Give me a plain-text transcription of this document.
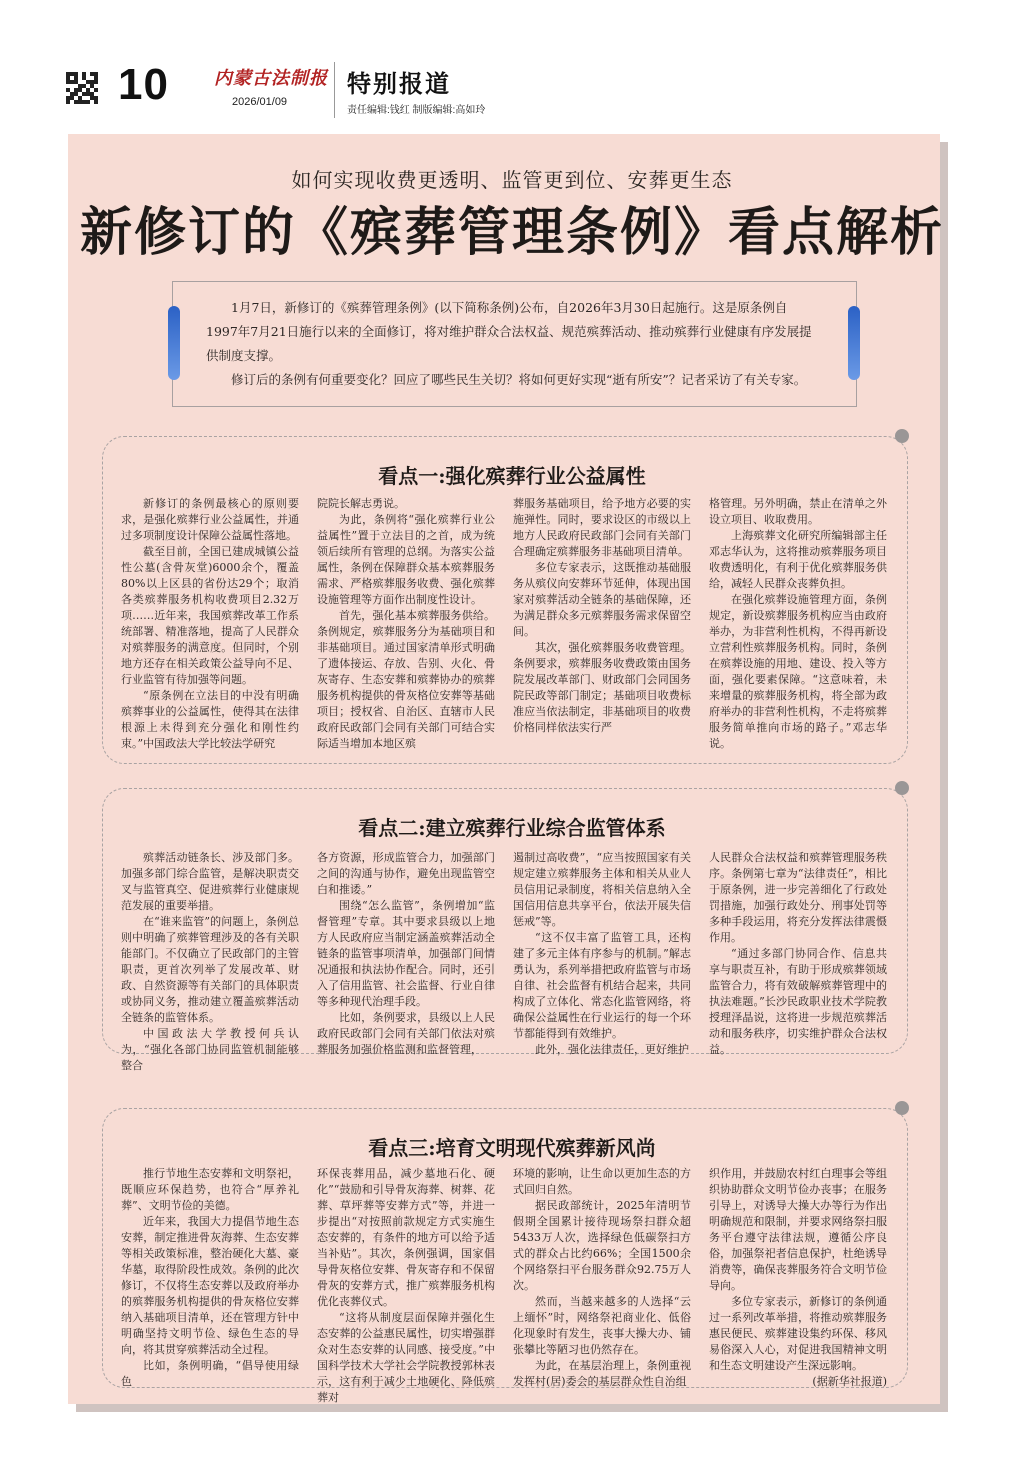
10	内蒙古法制报
2026/01/09
特别报道
责任编辑:钱红 制版编辑:高如玲
如何实现收费更透明、监管更到位、安葬更生态
新修订的《殡葬管理条例》看点解析

1月7日，新修订的《殡葬管理条例》(以下简称条例)公布，自2026年3月30日起施行。这是原条例自1997年7月21日施行以来的全面修订，将对维护群众合法权益、规范殡葬活动、推动殡葬行业健康有序发展提供制度支撑。

修订后的条例有何重要变化？回应了哪些民生关切？将如何更好实现“逝有所安”？记者采访了有关专家。

看点一:强化殡葬行业公益属性

新修订的条例最核心的原则要求，是强化殡葬行业公益属性，并通过多项制度设计保障公益属性落地。

截至目前，全国已建成城镇公益性公墓(含骨灰堂)6000余个，覆盖80%以上区县的省份达29个；取消各类殡葬服务机构收费项目2.32万项……近年来，我国殡葬改革工作系统部署、精准落地，提高了人民群众对殡葬服务的满意度。但同时，个别地方还存在相关政策公益导向不足、行业监管有待加强等问题。

“原条例在立法目的中没有明确殡葬事业的公益属性，使得其在法律根源上未得到充分强化和刚性约束。”中国政法大学比较法学研究

院院长解志勇说。

为此，条例将“强化殡葬行业公益属性”置于立法目的之首，成为统领后续所有管理的总纲。为落实公益属性，条例在保障群众基本殡葬服务需求、严格殡葬服务收费、强化殡葬设施管理等方面作出制度性设计。

首先，强化基本殡葬服务供给。条例规定，殡葬服务分为基础项目和非基础项目。通过国家清单形式明确了遗体接运、存放、告别、火化、骨灰寄存、生态安葬和殡葬协办的殡葬服务机构提供的骨灰格位安葬等基础项目；授权省、自治区、直辖市人民政府民政部门会同有关部门可结合实际适当增加本地区殡

葬服务基础项目，给予地方必要的实施弹性。同时，要求设区的市级以上地方人民政府民政部门会同有关部门合理确定殡葬服务非基础项目清单。

多位专家表示，这既推动基础服务从殡仪向安葬环节延伸，体现出国家对殡葬活动全链条的基础保障，还为满足群众多元殡葬服务需求保留空间。

其次，强化殡葬服务收费管理。条例要求，殡葬服务收费政策由国务院发展改革部门、财政部门会同国务院民政等部门制定；基础项目收费标准应当依法制定，非基础项目的收费价格同样依法实行严

格管理。另外明确，禁止在清单之外设立项目、收取费用。

上海殡葬文化研究所编辑部主任邓志华认为，这将推动殡葬服务项目收费透明化，有利于优化殡葬服务供给，减轻人民群众丧葬负担。

在强化殡葬设施管理方面，条例规定，新设殡葬服务机构应当由政府举办，为非营利性机构，不得再新设立营利性殡葬服务机构。同时，条例在殡葬设施的用地、建设、投入等方面，强化要素保障。“这意味着，未来增量的殡葬服务机构，将全部为政府举办的非营利性机构，不走将殡葬服务简单推向市场的路子。”邓志华说。

看点二:建立殡葬行业综合监管体系

殡葬活动链条长、涉及部门多。加强多部门综合监管，是解决职责交叉与监管真空、促进殡葬行业健康规范发展的重要举措。

在“谁来监管”的问题上，条例总则中明确了殡葬管理涉及的各有关职能部门。不仅确立了民政部门的主管职责，更首次列举了发展改革、财政、自然资源等有关部门的具体职责或协同义务，推动建立覆盖殡葬活动全链条的监管体系。

中国政法大学教授何兵认为，“强化各部门协同监管机制能够整合

各方资源，形成监管合力，加强部门之间的沟通与协作，避免出现监管空白和推诿。”

围绕“怎么监管”，条例增加“监督管理”专章。其中要求县级以上地方人民政府应当制定涵盖殡葬活动全链条的监管事项清单，加强部门间情况通报和执法协作配合。同时，还引入了信用监管、社会监督、行业自律等多种现代治理手段。

比如，条例要求，县级以上人民政府民政部门会同有关部门依法对殡葬服务加强价格监测和监督管理，

遏制过高收费”，“应当按照国家有关规定建立殡葬服务主体和相关从业人员信用记录制度，将相关信息纳入全国信用信息共享平台，依法开展失信惩戒”等。

“这不仅丰富了监管工具，还构建了多元主体有序参与的机制。”解志勇认为，系列举措把政府监管与市场自律、社会监督有机结合起来，共同构成了立体化、常态化监管网络，将确保公益属性在行业运行的每一个环节都能得到有效维护。

此外，强化法律责任，更好维护

人民群众合法权益和殡葬管理服务秩序。条例第七章为“法律责任”，相比于原条例，进一步完善细化了行政处罚措施，加强行政处分、刑事处罚等多种手段运用，将充分发挥法律震慑作用。

“通过多部门协同合作、信息共享与职责互补，有助于形成殡葬领域监管合力，将有效破解殡葬管理中的执法难题。”长沙民政职业技术学院教授理泽晶说，这将进一步规范殡葬活动和服务秩序，切实维护群众合法权益。

看点三:培育文明现代殡葬新风尚

推行节地生态安葬和文明祭祀，既顺应环保趋势，也符合“厚养礼葬”、文明节俭的美德。

近年来，我国大力提倡节地生态安葬，制定推进骨灰海葬、生态安葬等相关政策标准，整治硬化大墓、豪华墓，取得阶段性成效。条例的此次修订，不仅将生态安葬以及政府举办的殡葬服务机构提供的骨灰格位安葬纳入基础项目清单，还在管理方针中明确坚持文明节俭、绿色生态的导向，将其贯穿殡葬活动全过程。

比如，条例明确，“倡导使用绿色

环保丧葬用品，减少墓地石化、硬化”“鼓励和引导骨灰海葬、树葬、花葬、草坪葬等安葬方式”等，并进一步提出“对按照前款规定方式实施生态安葬的，有条件的地方可以给予适当补贴”。其次，条例强调，国家倡导骨灰格位安葬、骨灰寄存和不保留骨灰的安葬方式，推广殡葬服务机构优化丧葬仪式。

“这将从制度层面保障并强化生态安葬的公益惠民属性，切实增强群众对生态安葬的认同感、接受度。”中国科学技术大学社会学院教授郭林表示，这有利于减少土地硬化、降低殡葬对

环境的影响，让生命以更加生态的方式回归自然。

据民政部统计，2025年清明节假期全国累计接待现场祭扫群众超5433万人次，选择绿色低碳祭扫方式的群众占比约66%；全国1500余个网络祭扫平台服务群众92.75万人次。

然而，当越来越多的人选择“云上缅怀”时，网络祭祀商业化、低俗化现象时有发生，丧事大操大办、铺张攀比等陋习也仍然存在。

为此，在基层治理上，条例重视发挥村(居)委会的基层群众性自治组

织作用，并鼓励农村红白理事会等组织协助群众文明节俭办丧事；在服务引导上，对诱导大操大办等行为作出明确规范和限制，并要求网络祭扫服务平台遵守法律法规，遵循公序良俗，加强祭祀者信息保护，杜绝诱导消费等，确保丧葬服务符合文明节俭导向。

多位专家表示，新修订的条例通过一系列改革举措，将推动殡葬服务惠民便民、殡葬建设集约环保、移风易俗深入人心，对促进我国精神文明和生态文明建设产生深远影响。

(据新华社报道)
